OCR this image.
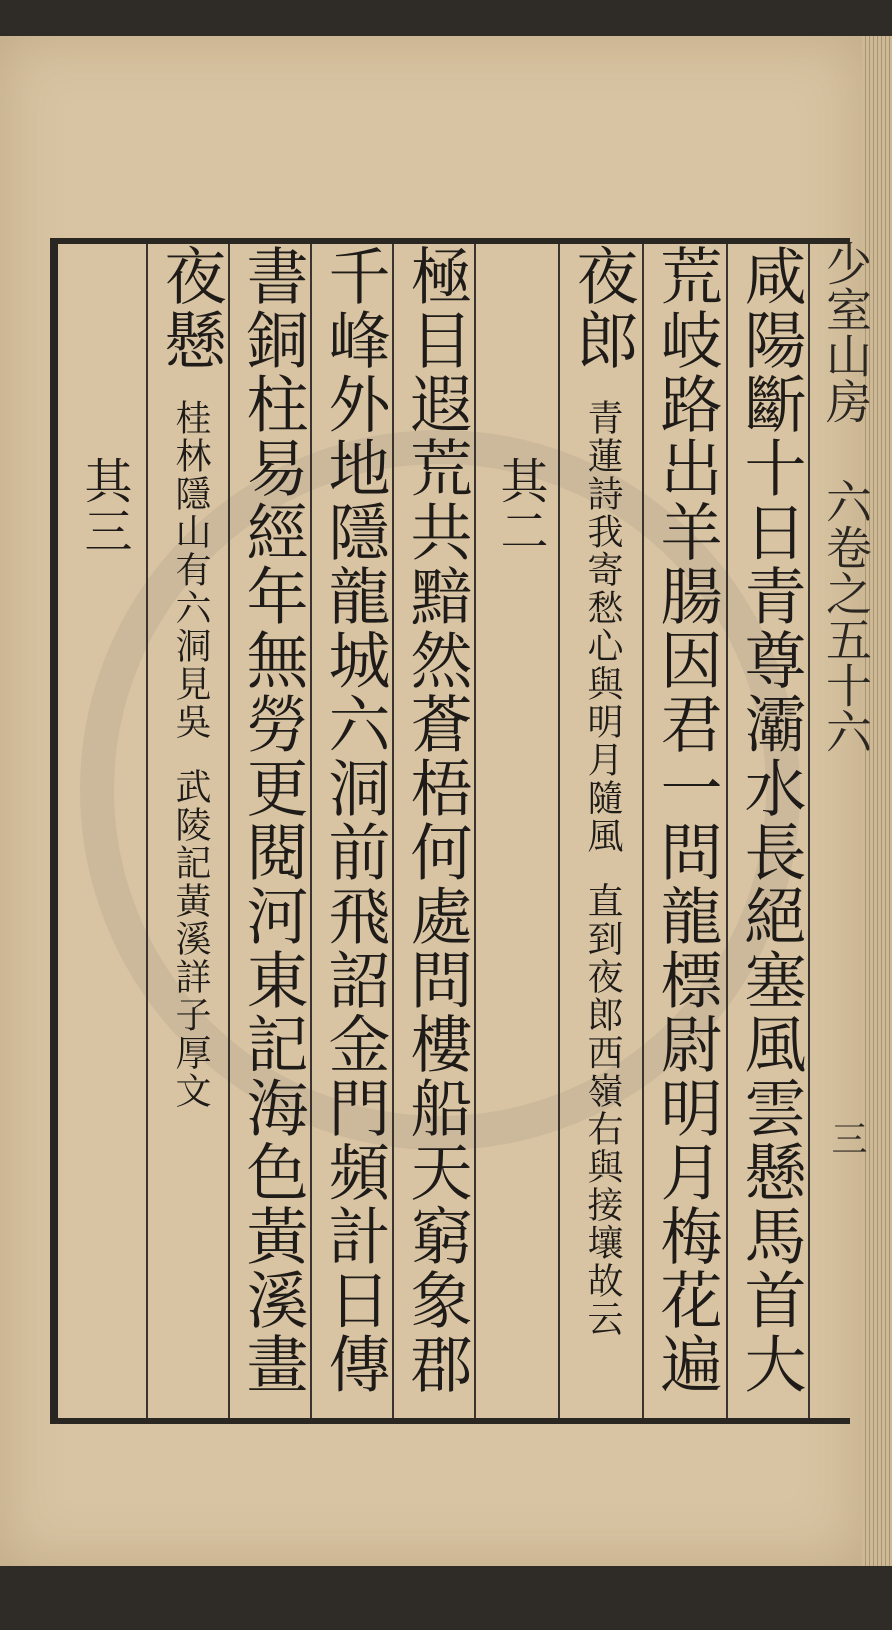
少室山房 六卷之五十六
三
咸陽斷十日青尊灞水長絕塞風雲懸馬首大
荒岐路出羊腸因君一問龍標尉明月梅花遍
夜郎 青蓮詩我寄愁心與明月隨風 直到夜郎西嶺右與接壤故云
其二
極目遐荒共黯然蒼梧何處問樓船天窮象郡
千峰外地隱龍城六洞前飛詔金門頻計日傳
書銅柱易經年無勞更閱河東記海色黃溪畫
夜懸 桂林隱山有六洞見吳 武陵記黃溪詳子厚文
其三
